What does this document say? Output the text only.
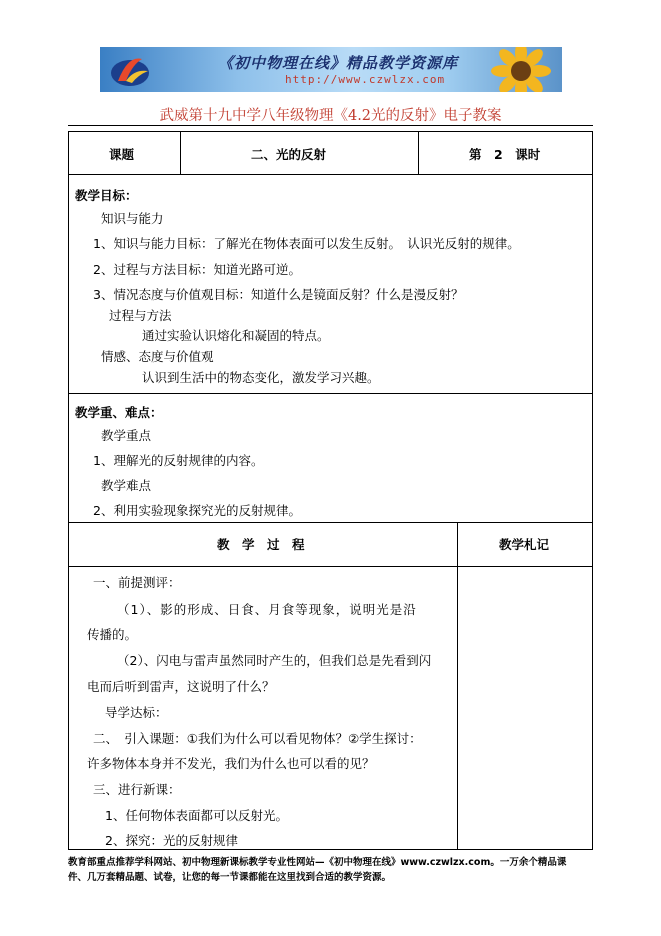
《初中物理在线》精品教学资源库
http://www.czwlzx.com
武威第十九中学八年级物理《4.2光的反射》电子教案
课题	二、光的反射	第　2　课时
教学目标：
知识与能力
1、知识与能力目标：了解光在物体表面可以发生反射。　认识光反射的规律。
2、过程与方法目标：知道光路可逆。
3、情况态度与价值观目标：知道什么是镜面反射？什么是漫反射？
过程与方法
通过实验认识熔化和凝固的特点。
情感、态度与价值观
认识到生活中的物态变化，激发学习兴趣。
教学重、难点：
教学重点
1、理解光的反射规律的内容。
教学难点
2、利用实验现象探究光的反射规律。
教　学　过　程	教学札记
一、前提测评：
（1）、影的形成、日食、月食等现象，说明光是沿
传播的。
（2）、闪电与雷声虽然同时产生的，但我们总是先看到闪
电而后听到雷声，这说明了什么？
导学达标：
二、　引入课题：①我们为什么可以看见物体？②学生探讨：
许多物体本身并不发光，我们为什么也可以看的见？
三、进行新课：
1、任何物体表面都可以反射光。
2、探究：光的反射规律
教育部重点推荐学科网站、初中物理新课标教学专业性网站—《初中物理在线》www.czwlzx.com。一万余个精品课
件、几万套精品题、试卷，让您的每一节课都能在这里找到合适的教学资源。
